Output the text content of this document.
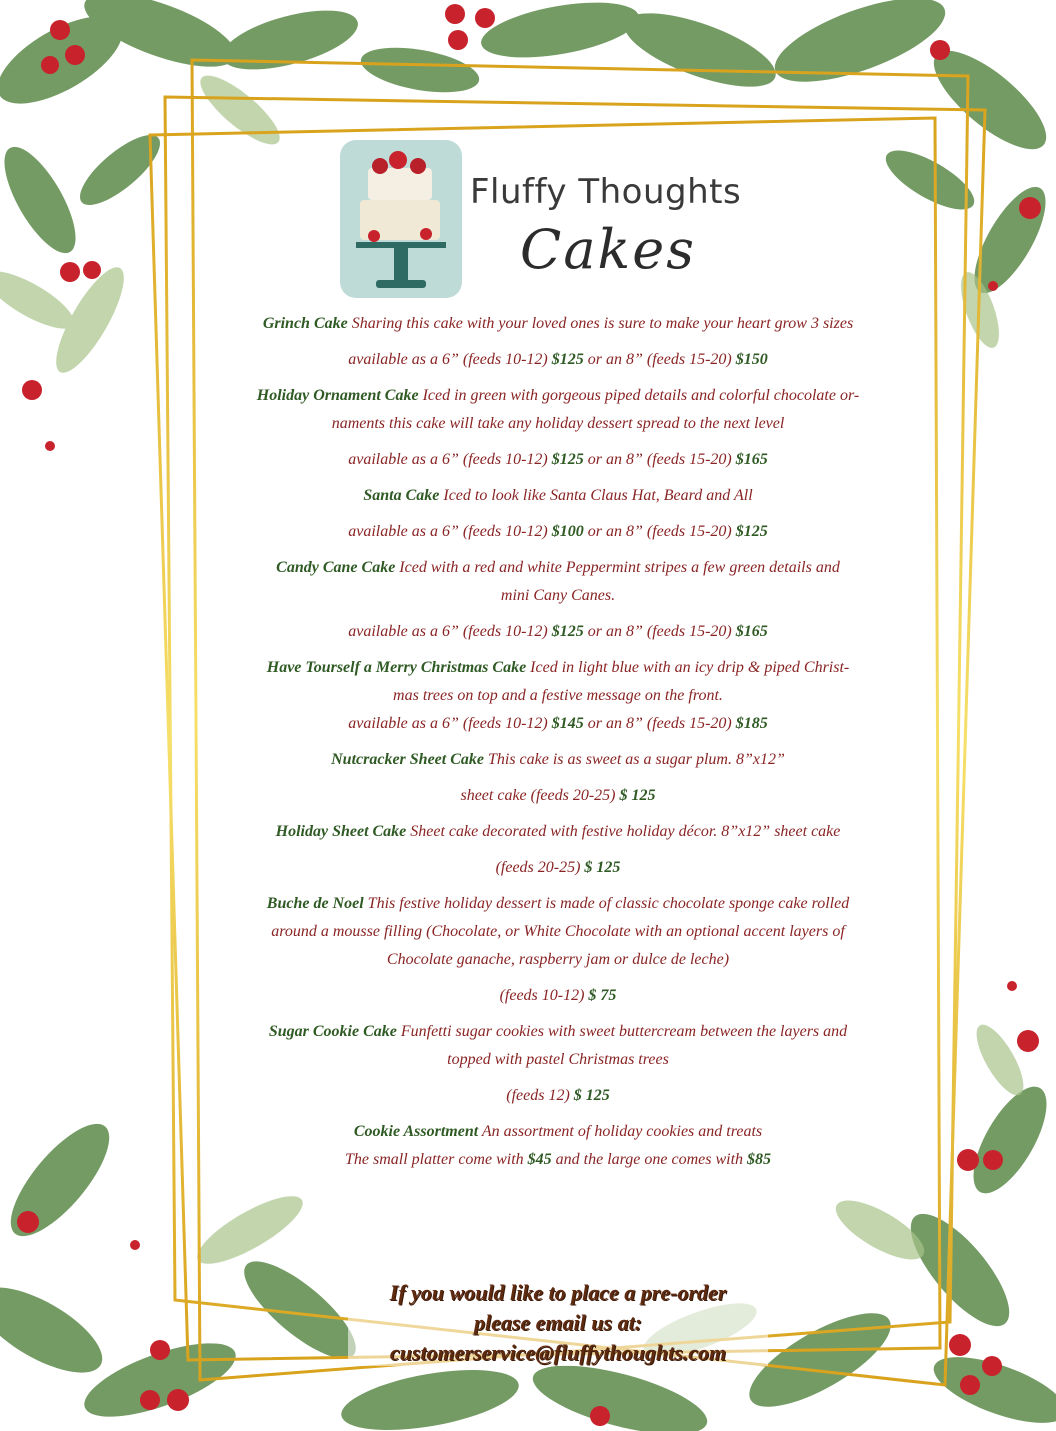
Fluffy Thoughts
Cakes

Grinch Cake Sharing this cake with your loved ones is sure to make your heart grow 3 sizes

available as a 6” (feeds 10-12) $125 or an 8” (feeds 15-20) $150

Holiday Ornament Cake Iced in green with gorgeous piped details and colorful chocolate or-

naments this cake will take any holiday dessert spread to the next level

available as a 6” (feeds 10-12) $125 or an 8” (feeds 15-20) $165

Santa Cake Iced to look like Santa Claus Hat, Beard and All

available as a 6” (feeds 10-12) $100 or an 8” (feeds 15-20) $125

Candy Cane Cake Iced with a red and white Peppermint stripes a few green details and

mini Cany Canes.

available as a 6” (feeds 10-12) $125 or an 8” (feeds 15-20) $165

Have Tourself a Merry Christmas Cake Iced in light blue with an icy drip & piped Christ-

mas trees on top and a festive message on the front.

available as a 6” (feeds 10-12) $145 or an 8” (feeds 15-20) $185

Nutcracker Sheet Cake This cake is as sweet as a sugar plum. 8”x12”

sheet cake (feeds 20-25) $ 125

Holiday Sheet Cake Sheet cake decorated with festive holiday décor. 8”x12” sheet cake

(feeds 20-25) $ 125

Buche de Noel This festive holiday dessert is made of classic chocolate sponge cake rolled

around a mousse filling (Chocolate, or White Chocolate with an optional accent layers of

Chocolate ganache, raspberry jam or dulce de leche)

(feeds 10-12) $ 75

Sugar Cookie Cake Funfetti sugar cookies with sweet buttercream between the layers and

topped with pastel Christmas trees

(feeds 12) $ 125

Cookie Assortment An assortment of holiday cookies and treats

The small platter come with $45 and the large one comes with $85

If you would like to place a pre-order

please email us at:

customerservice@fluffythoughts.com
